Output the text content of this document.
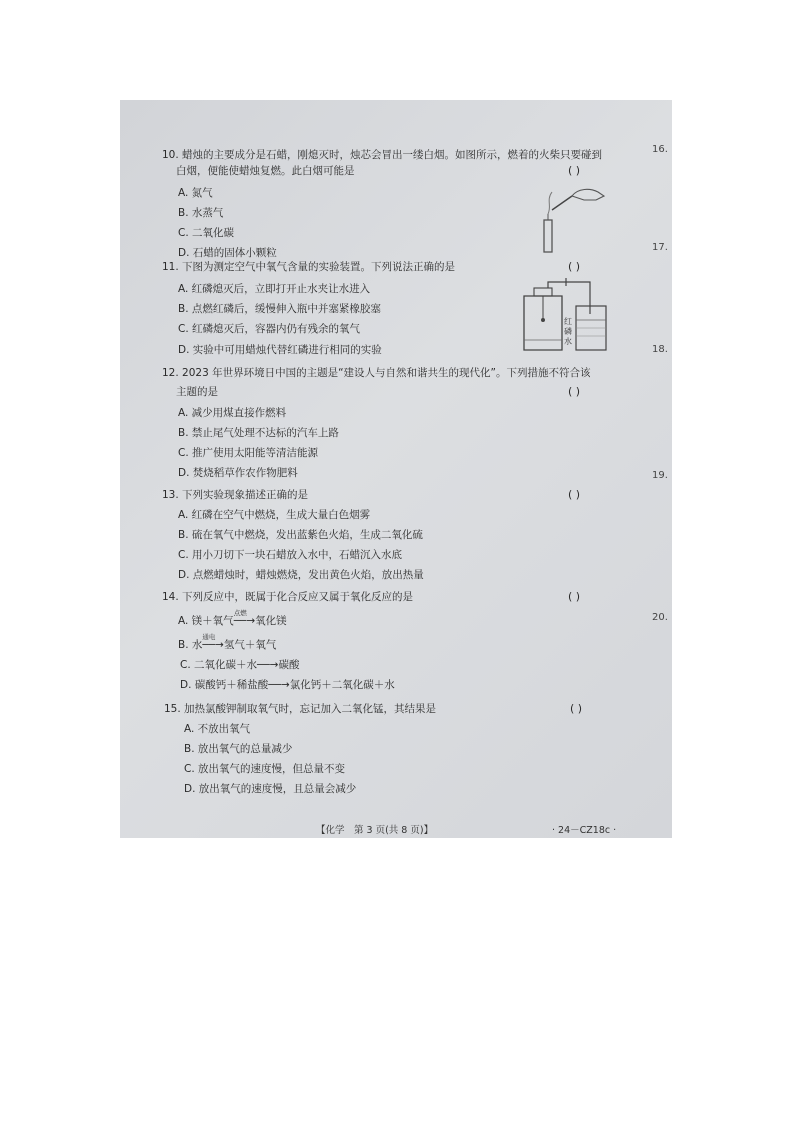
10. 蜡烛的主要成分是石蜡，刚熄灭时，烛芯会冒出一缕白烟。如图所示，燃着的火柴只要碰到
白烟，便能使蜡烛复燃。此白烟可能是	( )
A. 氮气
B. 水蒸气
C. 二氧化碳
D. 石蜡的固体小颗粒
11. 下图为测定空气中氧气含量的实验装置。下列说法正确的是	( )
A. 红磷熄灭后，立即打开止水夹让水进入
B. 点燃红磷后，缓慢伸入瓶中并塞紧橡胶塞
C. 红磷熄灭后，容器内仍有残余的氧气
D. 实验中可用蜡烛代替红磷进行相同的实验
红
磷
水
12. 2023 年世界环境日中国的主题是“建设人与自然和谐共生的现代化”。下列措施不符合该
主题的是	( )
A. 减少用煤直接作燃料
B. 禁止尾气处理不达标的汽车上路
C. 推广使用太阳能等清洁能源
D. 焚烧稻草作农作物肥料
13. 下列实验现象描述正确的是	( )
A. 红磷在空气中燃烧，生成大量白色烟雾
B. 硫在氧气中燃烧，发出蓝紫色火焰，生成二氧化硫
C. 用小刀切下一块石蜡放入水中，石蜡沉入水底
D. 点燃蜡烛时，蜡烛燃烧，发出黄色火焰，放出热量
14. 下列反应中，既属于化合反应又属于氧化反应的是	( )
A. 镁＋氧气
点燃
──→氧化镁
B. 水
通电
──→氢气＋氧气
C. 二氧化碳＋水──→碳酸
D. 碳酸钙＋稀盐酸──→氯化钙＋二氧化碳＋水
15. 加热氯酸钾制取氧气时，忘记加入二氧化锰，其结果是	( )
A. 不放出氧气
B. 放出氧气的总量减少
C. 放出氧气的速度慢，但总量不变
D. 放出氧气的速度慢，且总量会减少
16.
17.
18.
19.
20.
【化学　第 3 页(共 8 页)】	· 24－CZ18c ·
